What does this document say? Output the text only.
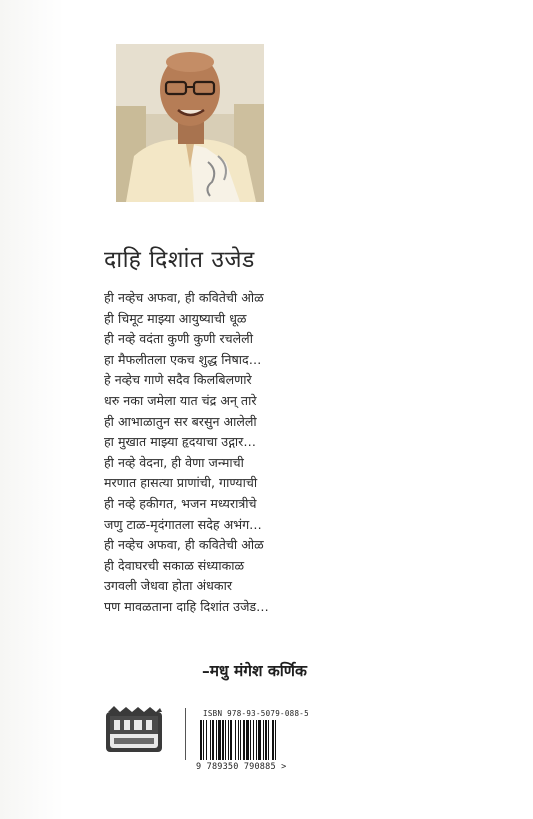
दाहि दिशांत उजेड
ही नव्हेच अफवा, ही कवितेची ओळ
ही चिमूट माझ्या आयुष्याची धूळ
ही नव्हे वदंता कुणी कुणी रचलेली
हा मैफलीतला एकच शुद्ध निषाद…
हे नव्हेच गाणे सदैव किलबिलणारे
धरु नका जमेला यात चंद्र अन् तारे
ही आभाळातुन सर बरसुन आलेली
हा मुखात माझ्या हृदयाचा उद्गार…
ही नव्हे वेदना, ही वेणा जन्माची
मरणात हासत्या प्राणांची, गाण्याची
ही नव्हे हकीगत, भजन मध्यरात्रीचे
जणु टाळ-मृदंगातला सदेह अभंग…
ही नव्हेच अफवा, ही कवितेची ओळ
ही देवाघरची सकाळ संध्याकाळ
उगवली जेधवा होता अंधकार
पण मावळताना दाहि दिशांत उजेड…
–मधु मंगेश कर्णिक
ISBN 978-93-5079-088-5
9 789350 790885 >
